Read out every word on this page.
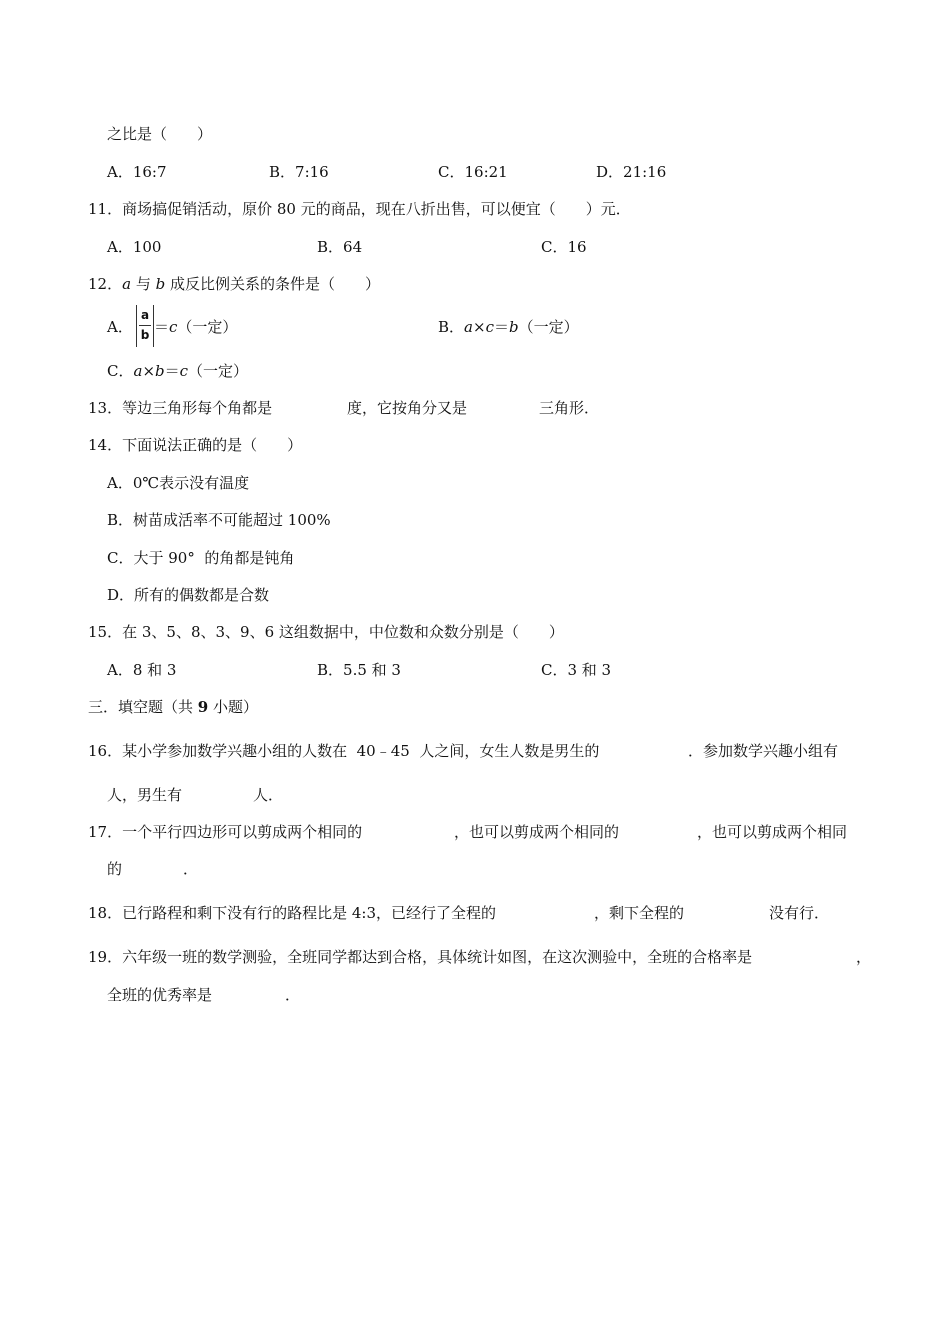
之比是（　　）
A．16:7	B．7:16	C．16:21	D．21:16
11．商场搞促销活动，原价 80 元的商品，现在八折出售，可以便宜（　　）元．
A．100	B．64	C．16
12．a 与 b 成反比例关系的条件是（　　）
A．
a
b ＝c（一定）	B．a×c＝b（一定）
C．a×b＝c（一定）
13．等边三角形每个角都是	度，它按角分又是	三角形．
14．下面说法正确的是（　　）
A．0℃表示没有温度
B．树苗成活率不可能超过 100%
C．大于 90°  的角都是钝角
D．所有的偶数都是合数
15．在 3、5、8、3、9、6 这组数据中，中位数和众数分别是（　　）
A．8 和 3	B．5.5 和 3	C．3 和 3
三．填空题（共 9 小题）
16．某小学参加数学兴趣小组的人数在  40﹣45  人之间，女生人数是男生的	．参加数学兴趣小组有
人，男生有	人．
17．一个平行四边形可以剪成两个相同的	，也可以剪成两个相同的	，也可以剪成两个相同
的	．
18．已行路程和剩下没有行的路程比是 4:3，已经行了全程的	，剩下全程的	没有行．
19．六年级一班的数学测验，全班同学都达到合格，具体统计如图，在这次测验中，全班的合格率是	，
全班的优秀率是	．
